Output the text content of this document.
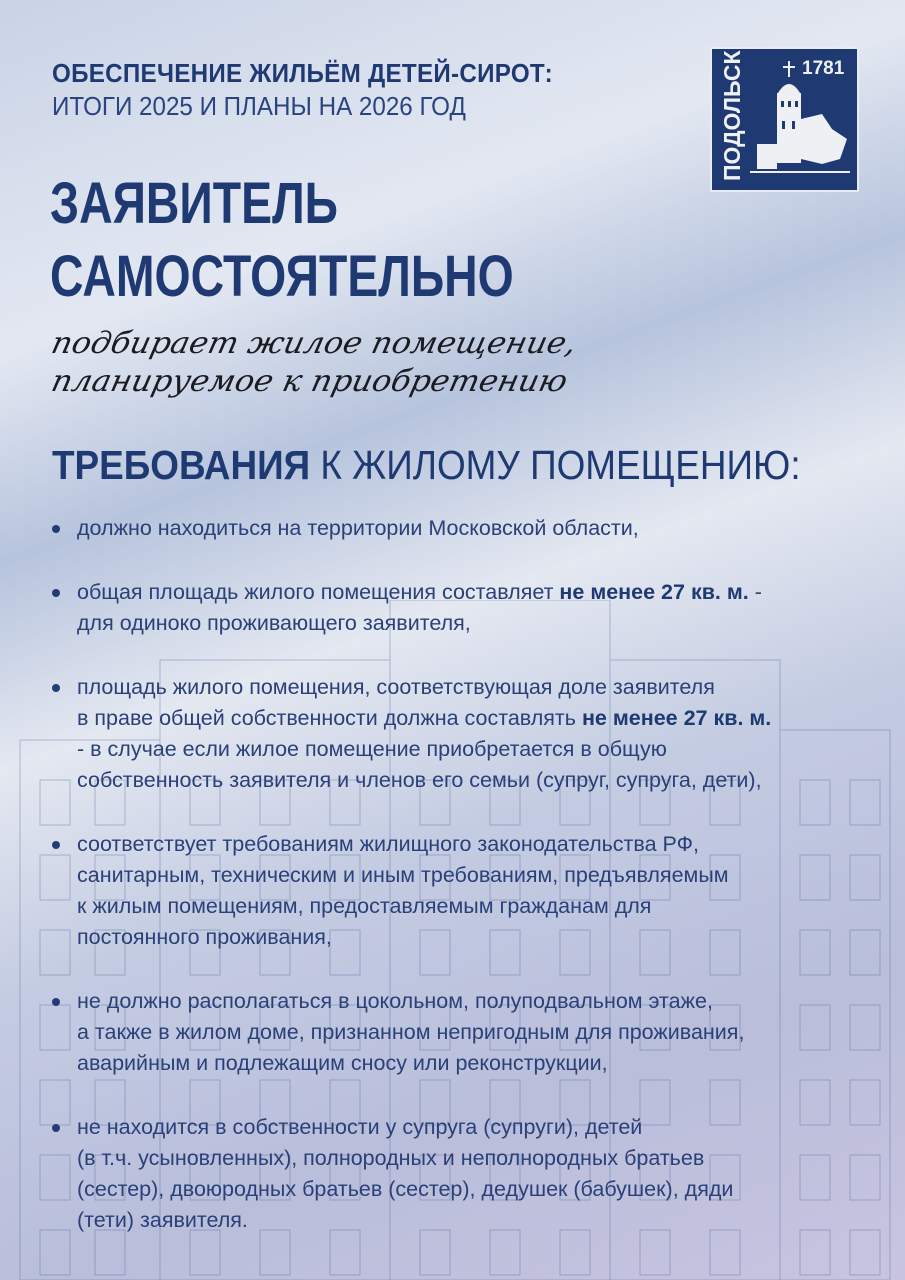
ОБЕСПЕЧЕНИЕ ЖИЛЬЁМ ДЕТЕЙ-СИРОТ:
ИТОГИ 2025 И ПЛАНЫ НА 2026 ГОД	ПОДОЛЬСК	1781
ЗАЯВИТЕЛЬ
САМОСТОЯТЕЛЬНО
подбирает жилое помещение,
планируемое к приобретению
ТРЕБОВАНИЯ К ЖИЛОМУ ПОМЕЩЕНИЮ:
должно находиться на территории Московской области,
общая площадь жилого помещения составляет не менее 27 кв. м. -
для одиноко проживающего заявителя,
площадь жилого помещения, соответствующая доле заявителя
в праве общей собственности должна составлять не менее 27 кв. м.
- в случае если жилое помещение приобретается в общую
собственность заявителя и членов его семьи (супруг, супруга, дети),
соответствует требованиям жилищного законодательства РФ,
санитарным, техническим и иным требованиям, предъявляемым
к жилым помещениям, предоставляемым гражданам для
постоянного проживания,
не должно располагаться в цокольном, полуподвальном этаже,
а также в жилом доме, признанном непригодным для проживания,
аварийным и подлежащим сносу или реконструкции,
не находится в собственности у супруга (супруги), детей
(в т.ч. усыновленных), полнородных и неполнородных братьев
(сестер), двоюродных братьев (сестер), дедушек (бабушек), дяди
(тети) заявителя.
